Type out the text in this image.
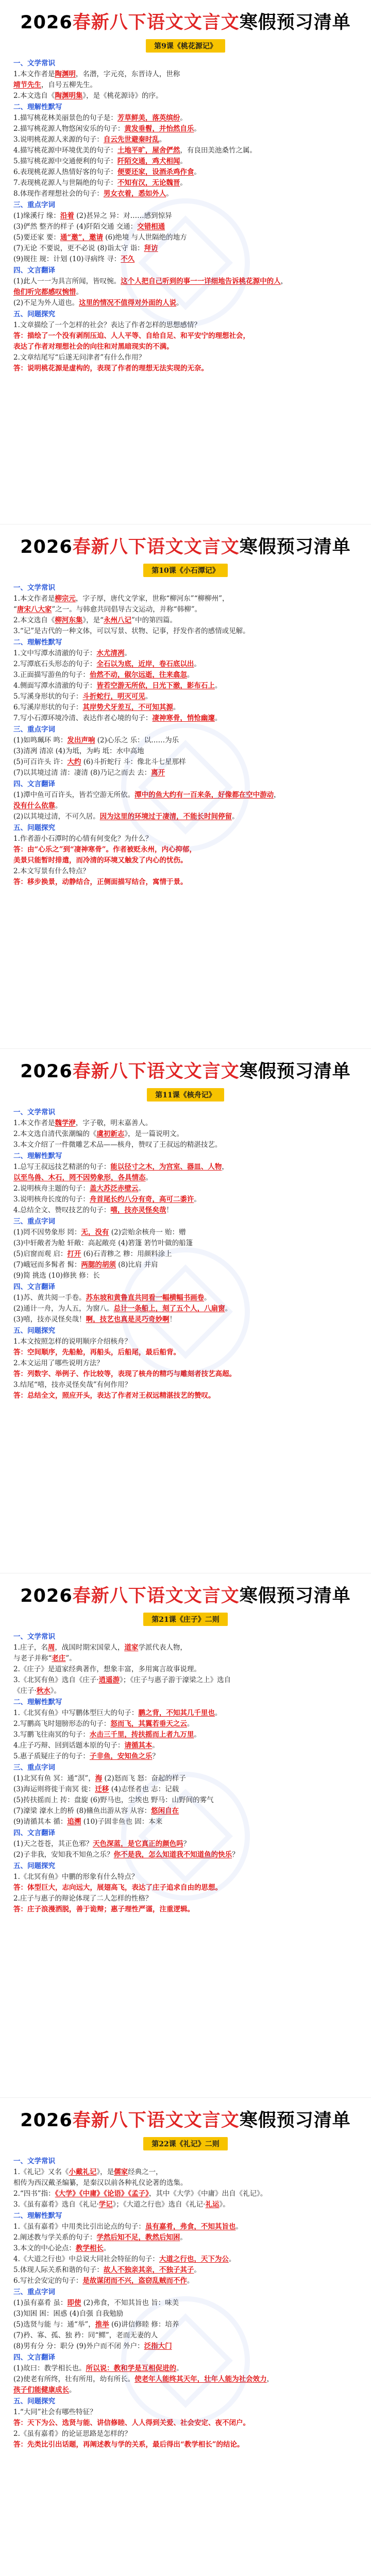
2026春新八下语文文言文寒假预习清单
第9课《桃花源记》
一、文学常识
1.本文作者是陶渊明，名潜，字元亮，东晋诗人，世称
靖节先生，自号五柳先生。
2.本文选自《陶渊明集》，是《桃花源诗》的序。
二、理解性默写
1.描写桃花林美丽景色的句子是：芳草鲜美，落英缤纷。
2.描写桃花源人物悠闲安乐的句子：黄发垂髫，并怡然自乐。
3.说明桃花源人来源的句子：自云先世避秦时乱。
4.描写桃花源中环境优美的句子：土地平旷，屋舍俨然，有良田美池桑竹之属。
5.描写桃花源中交通便利的句子：阡陌交通，鸡犬相闻。
6.表现桃花源人热情好客的句子：便要还家，设酒杀鸡作食。
7.表现桃花源人与世隔绝的句子：不知有汉，无论魏晋。
8.体现作者理想社会的句子：男女衣着，悉如外人。
三、重点字词
(1)缘溪行 缘：沿着 (2)甚异之 异：对……感到惊异
(3)俨然 整齐的样子 (4)阡陌交通 交通：交错相通
(5)要还家 要：通“邀”，邀请 (6)绝境 与人世隔绝的地方
(7)无论 不要说，更不必说 (8)诣太守 诣：拜访
(9)规往 规：计划 (10)寻病终 寻：不久
四、文言翻译
(1)此人一一为具言所闻，皆叹惋。这个人把自己听到的事一一详细地告诉桃花源中的人，
他们听完都感叹惋惜。
(2)不足为外人道也。这里的情况不值得对外面的人说。
五、问题探究
1.文章描绘了一个怎样的社会？表达了作者怎样的思想感情？
答：描绘了一个没有剥削压迫、人人平等、自给自足、和平安宁的理想社会，
表达了作者对理想社会的向往和对黑暗现实的不满。
2.文章结尾写“后遂无问津者”有什么作用？
答：说明桃花源是虚构的，表现了作者的理想无法实现的无奈。
2026春新八下语文文言文寒假预习清单
第10课《小石潭记》
一、文学常识
1.本文作者是柳宗元，字子厚，唐代文学家，世称“柳河东”“柳柳州”，
“唐宋八大家”之一。与韩愈共同倡导古文运动，并称“韩柳”。
2.本文选自《柳河东集》，是“永州八记”中的第四篇。
3.“记”是古代的一种文体，可以写景、状物、记事，抒发作者的感情或见解。
二、理解性默写
1.文中写潭水清澈的句子：水尤清冽。
2.写潭底石头形态的句子：全石以为底，近岸，卷石底以出。
3.正面描写游鱼的句子：佁然不动，俶尔远逝，往来翕忽。
4.侧面写潭水清澈的句子：皆若空游无所依，日光下澈，影布石上。
5.写溪身形状的句子：斗折蛇行，明灭可见。
6.写溪岸形状的句子：其岸势犬牙差互，不可知其源。
7.写小石潭环境冷清、表达作者心境的句子：凄神寒骨，悄怆幽邃。
三、重点字词
(1)如鸣珮环 鸣：发出声响 (2)心乐之 乐：以……为乐
(3)清冽 清凉 (4)为坻，为屿 坻：水中高地
(5)可百许头 许：大约 (6)斗折蛇行 斗：像北斗七星那样
(7)以其境过清 清：凄清 (8)乃记之而去 去：离开
四、文言翻译
(1)潭中鱼可百许头，皆若空游无所依。潭中的鱼大约有一百来条，好像都在空中游动，
没有什么依靠。
(2)以其境过清，不可久居。因为这里的环境过于凄清，不能长时间停留。
五、问题探究
1.作者游小石潭时的心情有何变化？为什么？
答：由“心乐之”到“凄神寒骨”。作者被贬永州，内心抑郁，
美景只能暂时排遣，而冷清的环境又触发了内心的忧伤。
2.本文写景有什么特点？
答：移步换景，动静结合，正侧面描写结合，寓情于景。
2026春新八下语文文言文寒假预习清单
第11课《核舟记》
一、文学常识
1.本文作者是魏学洢，字子敬，明末嘉善人。
2.本文选自清代张潮编的《虞初新志》，是一篇说明文。
3.本文介绍了一件微雕艺术品——核舟，赞叹了王叔远的精湛技艺。
二、理解性默写
1.总写王叔远技艺精湛的句子：能以径寸之木，为宫室、器皿、人物，
以至鸟兽、木石，罔不因势象形，各具情态。
2.说明核舟主题的句子：盖大苏泛赤壁云。
3.说明核舟长度的句子：舟首尾长约八分有奇，高可二黍许。
4.总结全文、赞叹技艺的句子：嘻，技亦灵怪矣哉！
三、重点字词
(1)罔不因势象形 罔：无，没有 (2)尝贻余核舟一 贻：赠
(3)中轩敞者为舱 轩敞：高起敞亮 (4)箬篷 箬竹叶做的船篷
(5)启窗而观 启：打开 (6)石青糁之 糁：用颜料涂上
(7)峨冠而多髯者 髯：两腮的胡须 (8)比肩 并肩
(9)简 挑选 (10)修狭 修：长
四、文言翻译
(1)苏、黄共阅一手卷。苏东坡和黄鲁直共同看一幅横幅书画卷。
(2)通计一舟，为人五，为窗八。总计一条船上，刻了五个人，八扇窗。
(3)嘻，技亦灵怪矣哉！啊，技艺也真是灵巧奇妙啊！
五、问题探究
1.本文按照怎样的说明顺序介绍核舟？
答：空间顺序，先船舱，再船头，后船尾，最后船背。
2.本文运用了哪些说明方法？
答：列数字、举例子、作比较等，表现了核舟的精巧与雕刻者技艺高超。
3.结尾“嘻，技亦灵怪矣哉”有何作用？
答：总结全文，照应开头，表达了作者对王叔远精湛技艺的赞叹。
2026春新八下语文文言文寒假预习清单
第21课《庄子》二则
一、文学常识
1.庄子，名周，战国时期宋国蒙人，道家学派代表人物，
与老子并称“老庄”。
2.《庄子》是道家经典著作，想象丰富，多用寓言故事说理。
3.《北冥有鱼》选自《庄子·逍遥游》；《庄子与惠子游于濠梁之上》选自
《庄子·秋水》。
二、理解性默写
1.《北冥有鱼》中写鹏体型巨大的句子：鹏之背，不知其几千里也。
2.写鹏高飞时翅膀形态的句子：怒而飞，其翼若垂天之云。
3.写鹏飞往南冥的句子：水击三千里，抟扶摇而上者九万里。
4.庄子巧辩、回到话题本原的句子：请循其本。
5.惠子质疑庄子的句子：子非鱼，安知鱼之乐？
三、重点字词
(1)北冥有鱼 冥：通“溟”，海 (2)怒而飞 怒：奋起的样子
(3)海运则将徙于南冥 徙：迁移 (4)志怪者也 志：记载
(5)抟扶摇而上 抟：盘旋 (6)野马也，尘埃也 野马：山野间的雾气
(7)濠梁 濠水上的桥 (8)鯈鱼出游从容 从容：悠闲自在
(9)请循其本 循：追溯 (10)子固非鱼也 固：本来
四、文言翻译
(1)天之苍苍，其正色邪？天色深蓝，是它真正的颜色吗？
(2)子非我，安知我不知鱼之乐？你不是我，怎么知道我不知道鱼的快乐？
五、问题探究
1.《北冥有鱼》中鹏的形象有什么特点？
答：体型巨大，志向远大，展翅高飞，表达了庄子追求自由的思想。
2.庄子与惠子的辩论体现了二人怎样的性格？
答：庄子浪漫洒脱，善于诡辩；惠子理性严谨，注重逻辑。
2026春新八下语文文言文寒假预习清单
第22课《礼记》二则
一、文学常识
1.《礼记》又名《小戴礼记》，是儒家经典之一，
相传为西汉戴圣编纂，是秦汉以前各种礼仪论著的选集。
2.“四书”指：《大学》《中庸》《论语》《孟子》，其中《大学》《中庸》出自《礼记》。
3.《虽有嘉肴》选自《礼记·学记》；《大道之行也》选自《礼记·礼运》。
二、理解性默写
1.《虽有嘉肴》中用类比引出论点的句子：虽有嘉肴，弗食，不知其旨也。
2.阐述教与学关系的句子：学然后知不足，教然后知困。
3.本文的中心论点：教学相长。
4.《大道之行也》中总说大同社会特征的句子：大道之行也，天下为公。
5.体现人际关系和谐的句子：故人不独亲其亲，不独子其子。
6.写社会安定的句子：是故谋闭而不兴，盗窃乱贼而不作。
三、重点字词
(1)虽有嘉肴 虽：即使 (2)弗食，不知其旨也 旨：味美
(3)知困 困：困惑 (4)自强 自我勉励
(5)选贤与能 与：通“举”，推举 (6)讲信修睦 修：培养
(7)矜、寡、孤、独 矜：同“鳏”，老而无妻的人
(8)男有分 分：职分 (9)外户而不闭 外户：泛指大门
四、文言翻译
(1)故曰：教学相长也。所以说：教和学是互相促进的。
(2)使老有所终，壮有所用，幼有所长。使老年人能终其天年，壮年人能为社会效力，
孩子们能健康成长。
五、问题探究
1.“大同”社会有哪些特征？
答：天下为公、选贤与能、讲信修睦、人人得到关爱、社会安定、夜不闭户。
2.《虽有嘉肴》的论证思路是怎样的？
答：先类比引出话题，再阐述教与学的关系，最后得出“教学相长”的结论。
